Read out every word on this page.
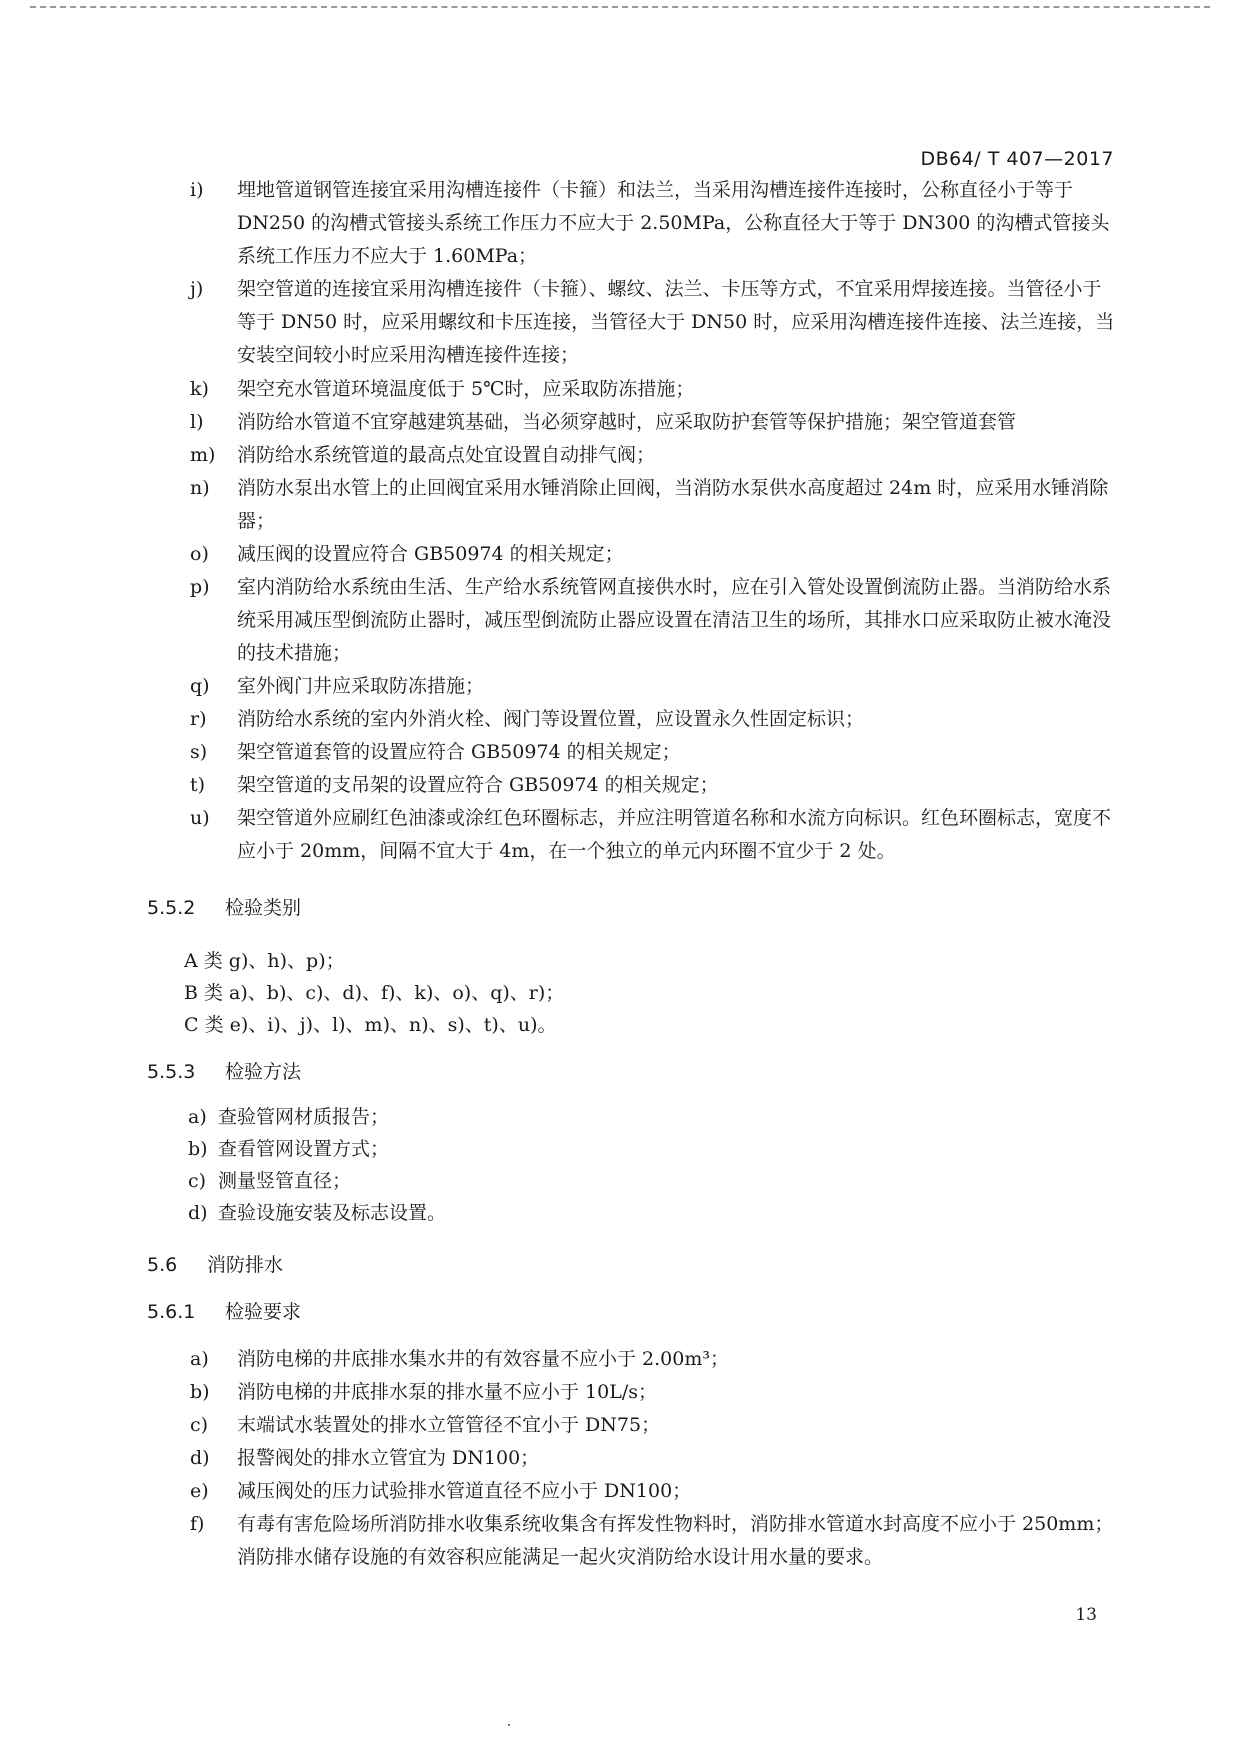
DB64/ T 407—2017
i) 埋地管道钢管连接宜采用沟槽连接件（卡箍）和法兰，当采用沟槽连接件连接时，公称直径小于等于 DN250 的沟槽式管接头系统工作压力不应大于 2.50MPa，公称直径大于等于 DN300 的沟槽式管接头系统工作压力不应大于 1.60MPa；
j) 架空管道的连接宜采用沟槽连接件（卡箍）、螺纹、法兰、卡压等方式，不宜采用焊接连接。当管径小于等于 DN50 时，应采用螺纹和卡压连接，当管径大于 DN50 时，应采用沟槽连接件连接、法兰连接，当安装空间较小时应采用沟槽连接件连接；
k) 架空充水管道环境温度低于 5℃时，应采取防冻措施；
l) 消防给水管道不宜穿越建筑基础，当必须穿越时，应采取防护套管等保护措施；架空管道套管
m) 消防给水系统管道的最高点处宜设置自动排气阀；
n) 消防水泵出水管上的止回阀宜采用水锤消除止回阀，当消防水泵供水高度超过 24m 时，应采用水锤消除器；
o) 减压阀的设置应符合 GB50974 的相关规定；
p) 室内消防给水系统由生活、生产给水系统管网直接供水时，应在引入管处设置倒流防止器。当消防给水系统采用减压型倒流防止器时，减压型倒流防止器应设置在清洁卫生的场所，其排水口应采取防止被水淹没的技术措施；
q) 室外阀门井应采取防冻措施；
r) 消防给水系统的室内外消火栓、阀门等设置位置，应设置永久性固定标识；
s) 架空管道套管的设置应符合 GB50974 的相关规定；
t) 架空管道的支吊架的设置应符合 GB50974 的相关规定；
u) 架空管道外应刷红色油漆或涂红色环圈标志，并应注明管道名称和水流方向标识。红色环圈标志，宽度不应小于 20mm，间隔不宜大于 4m，在一个独立的单元内环圈不宜少于 2 处。
5.5.2 检验类别
A 类 g)、h)、p)；
B 类 a)、b)、c)、d)、f)、k)、o)、q)、r)；
C 类 e)、i)、j)、l)、m)、n)、s)、t)、u)。
5.5.3 检验方法
a) 查验管网材质报告；
b) 查看管网设置方式；
c) 测量竖管直径；
d) 查验设施安装及标志设置。
5.6 消防排水
5.6.1 检验要求
a) 消防电梯的井底排水集水井的有效容量不应小于 2.00m³；
b) 消防电梯的井底排水泵的排水量不应小于 10L/s；
c) 末端试水装置处的排水立管管径不宜小于 DN75；
d) 报警阀处的排水立管宜为 DN100；
e) 减压阀处的压力试验排水管道直径不应小于 DN100；
f) 有毒有害危险场所消防排水收集系统收集含有挥发性物料时，消防排水管道水封高度不应小于 250mm；消防排水储存设施的有效容积应能满足一起火灾消防给水设计用水量的要求。
13
